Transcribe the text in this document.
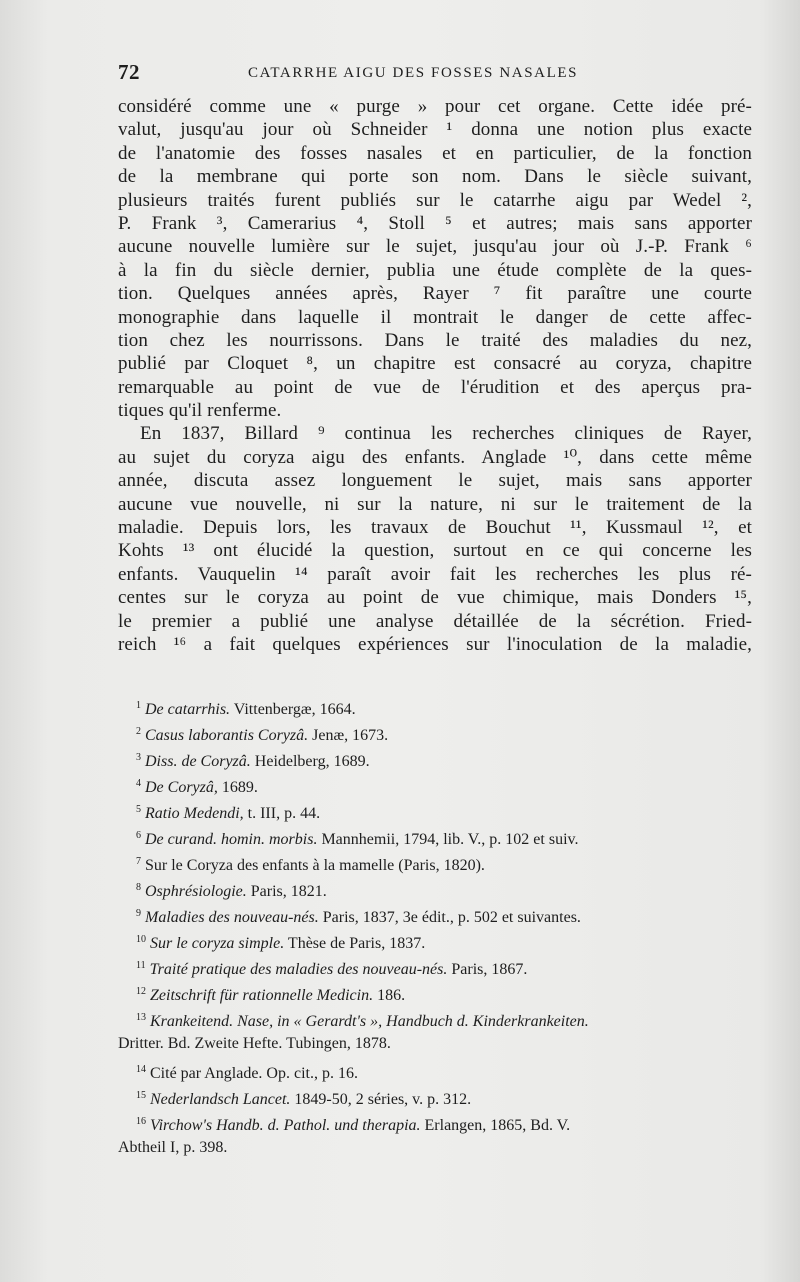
72	CATARRHE AIGU DES FOSSES NASALES
considéré comme une « purge » pour cet organe. Cette idée pré-
valut, jusqu'au jour où Schneider ¹ donna une notion plus exacte
de l'anatomie des fosses nasales et en particulier, de la fonction
de la membrane qui porte son nom. Dans le siècle suivant,
plusieurs traités furent publiés sur le catarrhe aigu par Wedel ²,
P. Frank ³, Camerarius ⁴, Stoll ⁵ et autres; mais sans apporter
aucune nouvelle lumière sur le sujet, jusqu'au jour où J.-P. Frank ⁶
à la fin du siècle dernier, publia une étude complète de la ques-
tion. Quelques années après, Rayer ⁷ fit paraître une courte
monographie dans laquelle il montrait le danger de cette affec-
tion chez les nourrissons. Dans le traité des maladies du nez,
publié par Cloquet ⁸, un chapitre est consacré au coryza, chapitre
remarquable au point de vue de l'érudition et des aperçus pra-
tiques qu'il renferme.
En 1837, Billard ⁹ continua les recherches cliniques de Rayer,
au sujet du coryza aigu des enfants. Anglade ¹⁰, dans cette même
année, discuta assez longuement le sujet, mais sans apporter
aucune vue nouvelle, ni sur la nature, ni sur le traitement de la
maladie. Depuis lors, les travaux de Bouchut ¹¹, Kussmaul ¹², et
Kohts ¹³ ont élucidé la question, surtout en ce qui concerne les
enfants. Vauquelin ¹⁴ paraît avoir fait les recherches les plus ré-
centes sur le coryza au point de vue chimique, mais Donders ¹⁵,
le premier a publié une analyse détaillée de la sécrétion. Fried-
reich ¹⁶ a fait quelques expériences sur l'inoculation de la maladie,
$^1$ De catarrhis. Vittenbergæ, 1664.
$^2$ Casus laborantis Coryzâ. Jenæ, 1673.
$^3$ Diss. de Coryzâ. Heidelberg, 1689.
$^4$ De Coryzâ, 1689.
$^5$ Ratio Medendi, t. III, p. 44.
$^6$ De curand. homin. morbis. Mannhemii, 1794, lib. V., p. 102 et suiv.
$^7$ Sur le Coryza des enfants à la mamelle (Paris, 1820).
$^8$ Osphrésiologie. Paris, 1821.
$^9$ Maladies des nouveau-nés. Paris, 1837, 3e édit., p. 502 et suivantes.
$^{10}$ Sur le coryza simple. Thèse de Paris, 1837.
$^{11}$ Traité pratique des maladies des nouveau-nés. Paris, 1867.
$^{12}$ Zeitschrift für rationnelle Medicin. 186.
$^{13}$ Krankeitend. Nase, in « Gerardt's », Handbuch d. Kinderkrankeiten.
Dritter. Bd. Zweite Hefte. Tubingen, 1878.
$^{14}$ Cité par Anglade. Op. cit., p. 16.
$^{15}$ Nederlandsch Lancet. 1849-50, 2 séries, v. p. 312.
$^{16}$ Virchow's Handb. d. Pathol. und therapia. Erlangen, 1865, Bd. V.
Abtheil I, p. 398.
